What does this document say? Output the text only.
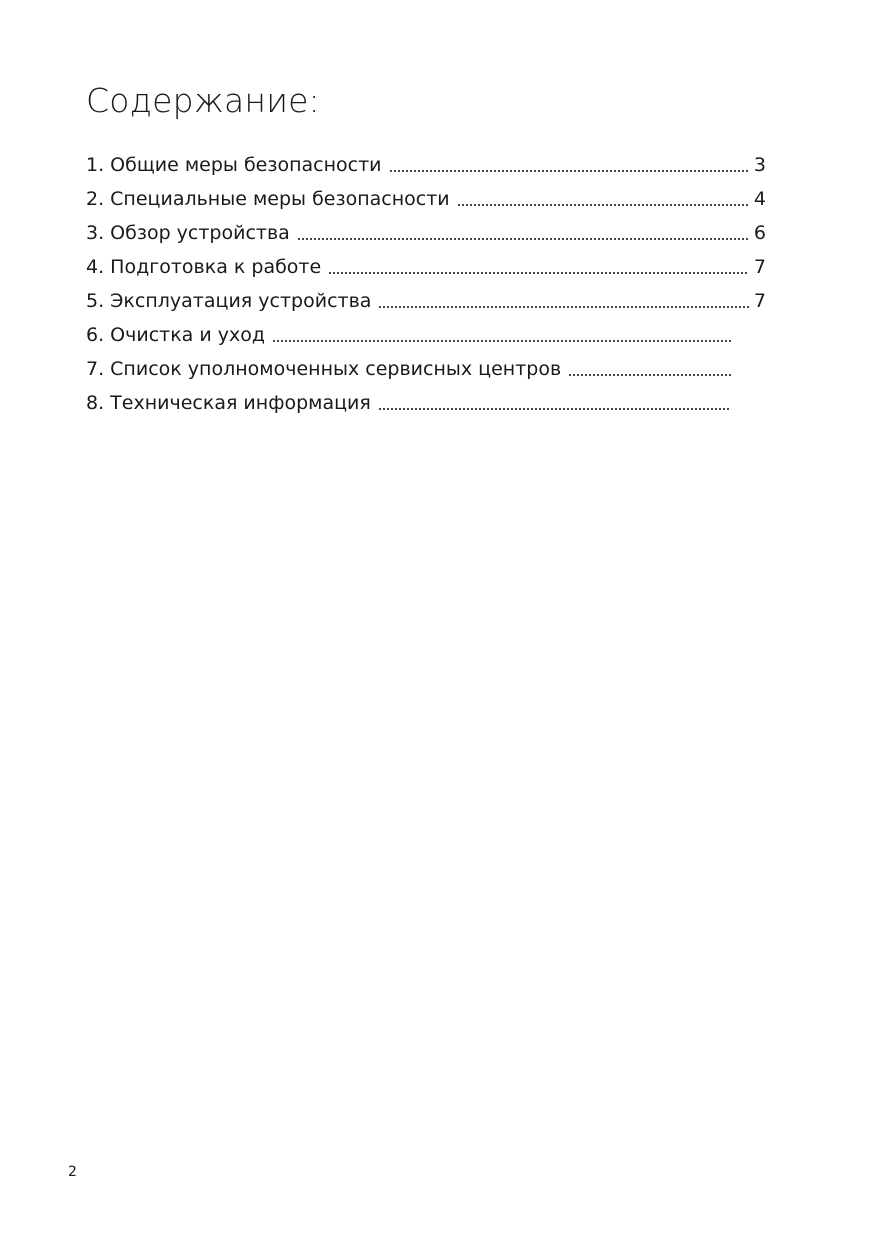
Содержание:
1. Общие меры безопасности	3
2. Специальные меры безопасности	4
3. Обзор устройства	6
4. Подготовка к работе	7
5. Эксплуатация устройства	7
6. Очистка и уход
7. Список уполномоченных сервисных центров
8. Техническая информация
2
